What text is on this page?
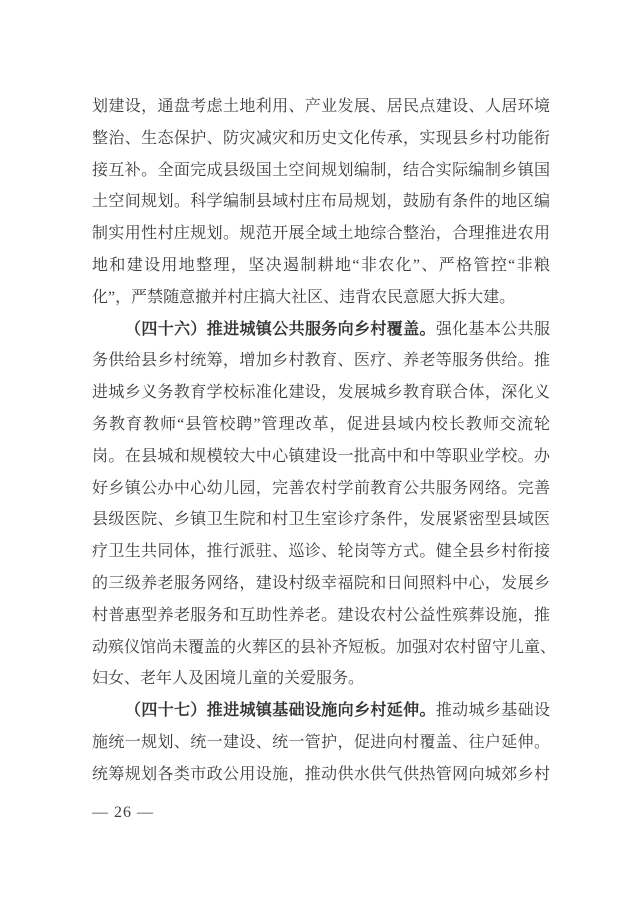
划建设，通盘考虑土地利用、产业发展、居民点建设、人居环境
整治、生态保护、防灾减灾和历史文化传承，实现县乡村功能衔
接互补。全面完成县级国土空间规划编制，结合实际编制乡镇国
土空间规划。科学编制县域村庄布局规划，鼓励有条件的地区编
制实用性村庄规划。规范开展全域土地综合整治，合理推进农用
地和建设用地整理，坚决遏制耕地“非农化”、严格管控“非粮
化”，严禁随意撤并村庄搞大社区、违背农民意愿大拆大建。
（四十六）推进城镇公共服务向乡村覆盖。强化基本公共服
务供给县乡村统筹，增加乡村教育、医疗、养老等服务供给。推
进城乡义务教育学校标准化建设，发展城乡教育联合体，深化义
务教育教师“县管校聘”管理改革，促进县域内校长教师交流轮
岗。在县城和规模较大中心镇建设一批高中和中等职业学校。办
好乡镇公办中心幼儿园，完善农村学前教育公共服务网络。完善
县级医院、乡镇卫生院和村卫生室诊疗条件，发展紧密型县域医
疗卫生共同体，推行派驻、巡诊、轮岗等方式。健全县乡村衔接
的三级养老服务网络，建设村级幸福院和日间照料中心，发展乡
村普惠型养老服务和互助性养老。建设农村公益性殡葬设施，推
动殡仪馆尚未覆盖的火葬区的县补齐短板。加强对农村留守儿童、
妇女、老年人及困境儿童的关爱服务。
（四十七）推进城镇基础设施向乡村延伸。推动城乡基础设
施统一规划、统一建设、统一管护，促进向村覆盖、往户延伸。
统筹规划各类市政公用设施，推动供水供气供热管网向城郊乡村
— 26 —
